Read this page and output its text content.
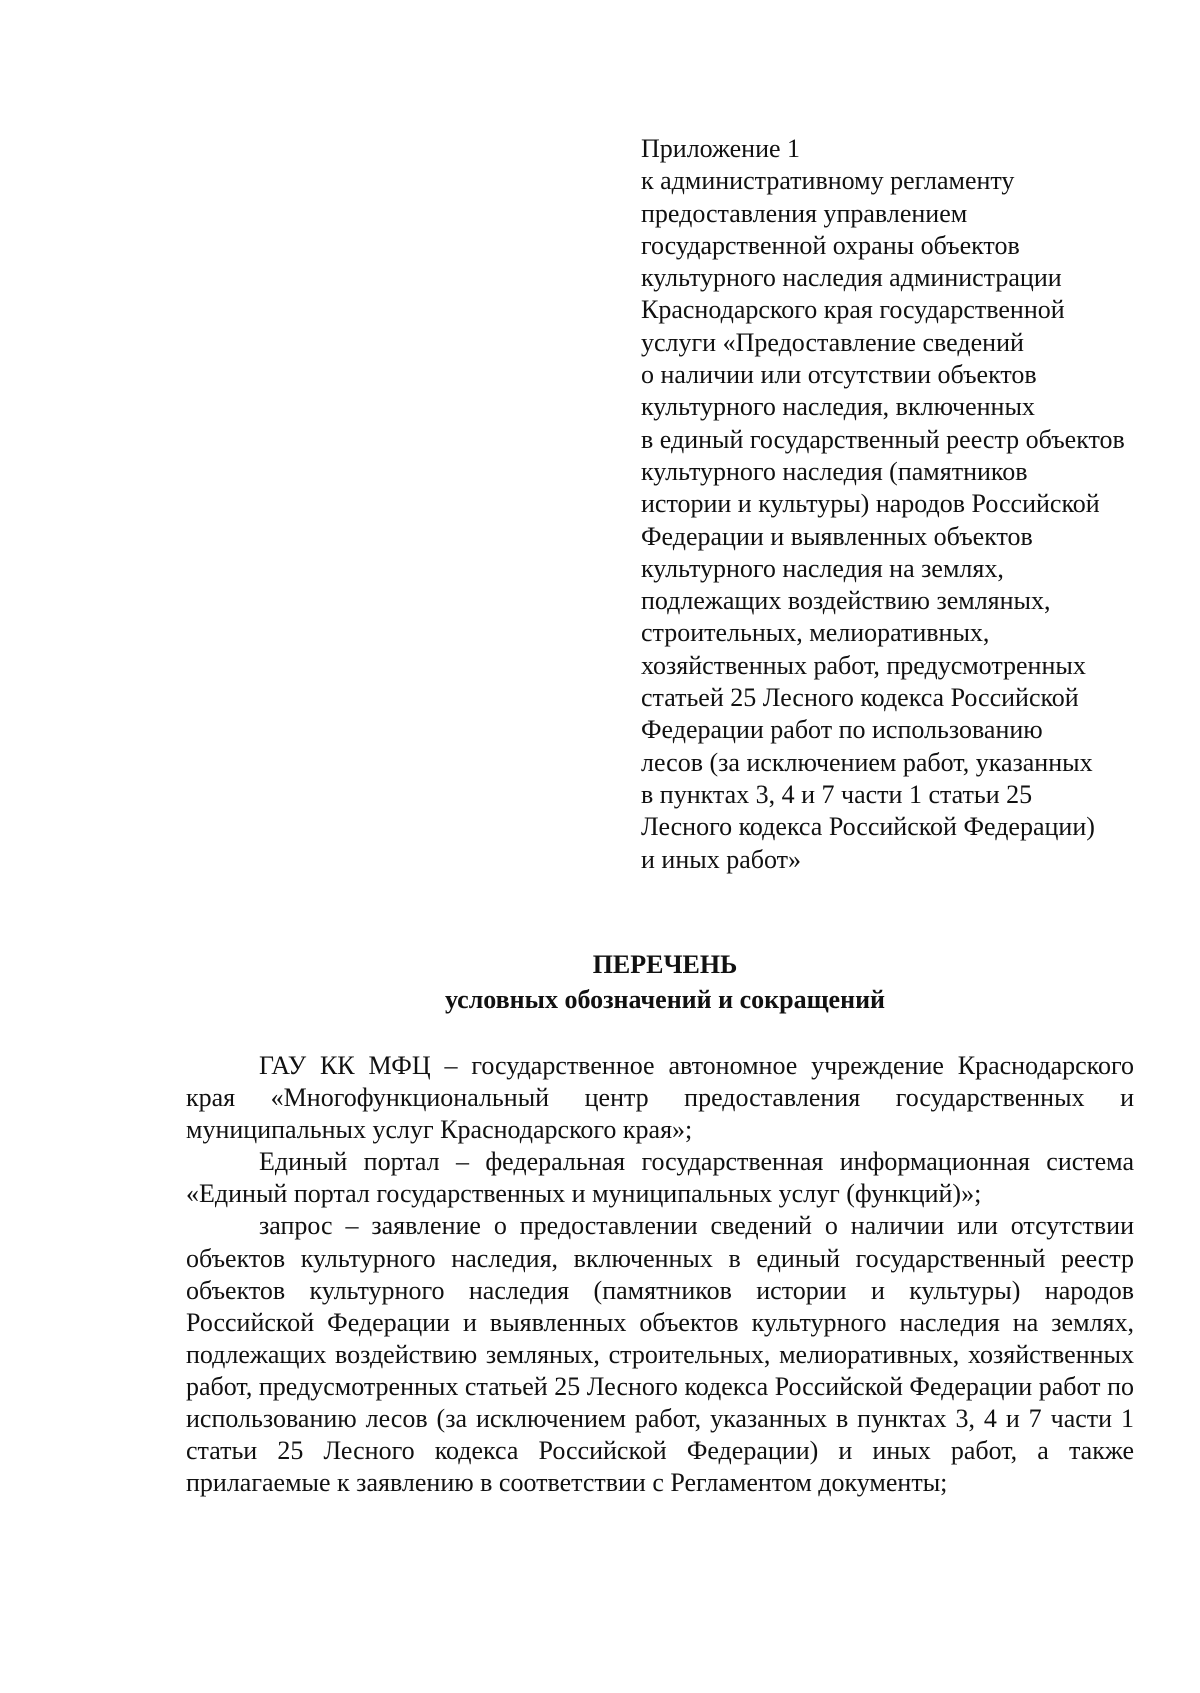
Приложение 1
к административному регламенту
предоставления управлением
государственной охраны объектов
культурного наследия администрации
Краснодарского края государственной
услуги «Предоставление сведений
о наличии или отсутствии объектов
культурного наследия, включенных
в единый государственный реестр объектов
культурного наследия (памятников
истории и культуры) народов Российской
Федерации и выявленных объектов
культурного наследия на землях,
подлежащих воздействию земляных,
строительных, мелиоративных,
хозяйственных работ, предусмотренных
статьей 25 Лесного кодекса Российской
Федерации работ по использованию
лесов (за исключением работ, указанных
в пунктах 3, 4 и 7 части 1 статьи 25
Лесного кодекса Российской Федерации)
и иных работ»
ПЕРЕЧЕНЬ
условных обозначений и сокращений

ГАУ КК МФЦ – государственное автономное учреждение Краснодарского края «Многофункциональный центр предоставления государственных и муниципальных услуг Краснодарского края»;

Единый портал – федеральная государственная информационная система «Единый портал государственных и муниципальных услуг (функций)»;

запрос – заявление о предоставлении сведений о наличии или отсутствии объектов культурного наследия, включенных в единый государственный реестр объектов культурного наследия (памятников истории и культуры) народов Российской Федерации и выявленных объектов культурного наследия на землях, подлежащих воздействию земляных, строительных, мелиоративных, хозяйственных работ, предусмотренных статьей 25 Лесного кодекса Российской Федерации работ по использованию лесов (за исключением работ, указанных в пунктах 3, 4 и 7 части 1 статьи 25 Лесного кодекса Российской Федерации) и иных работ, а также прилагаемые к заявлению в соответствии с Регламентом документы;
